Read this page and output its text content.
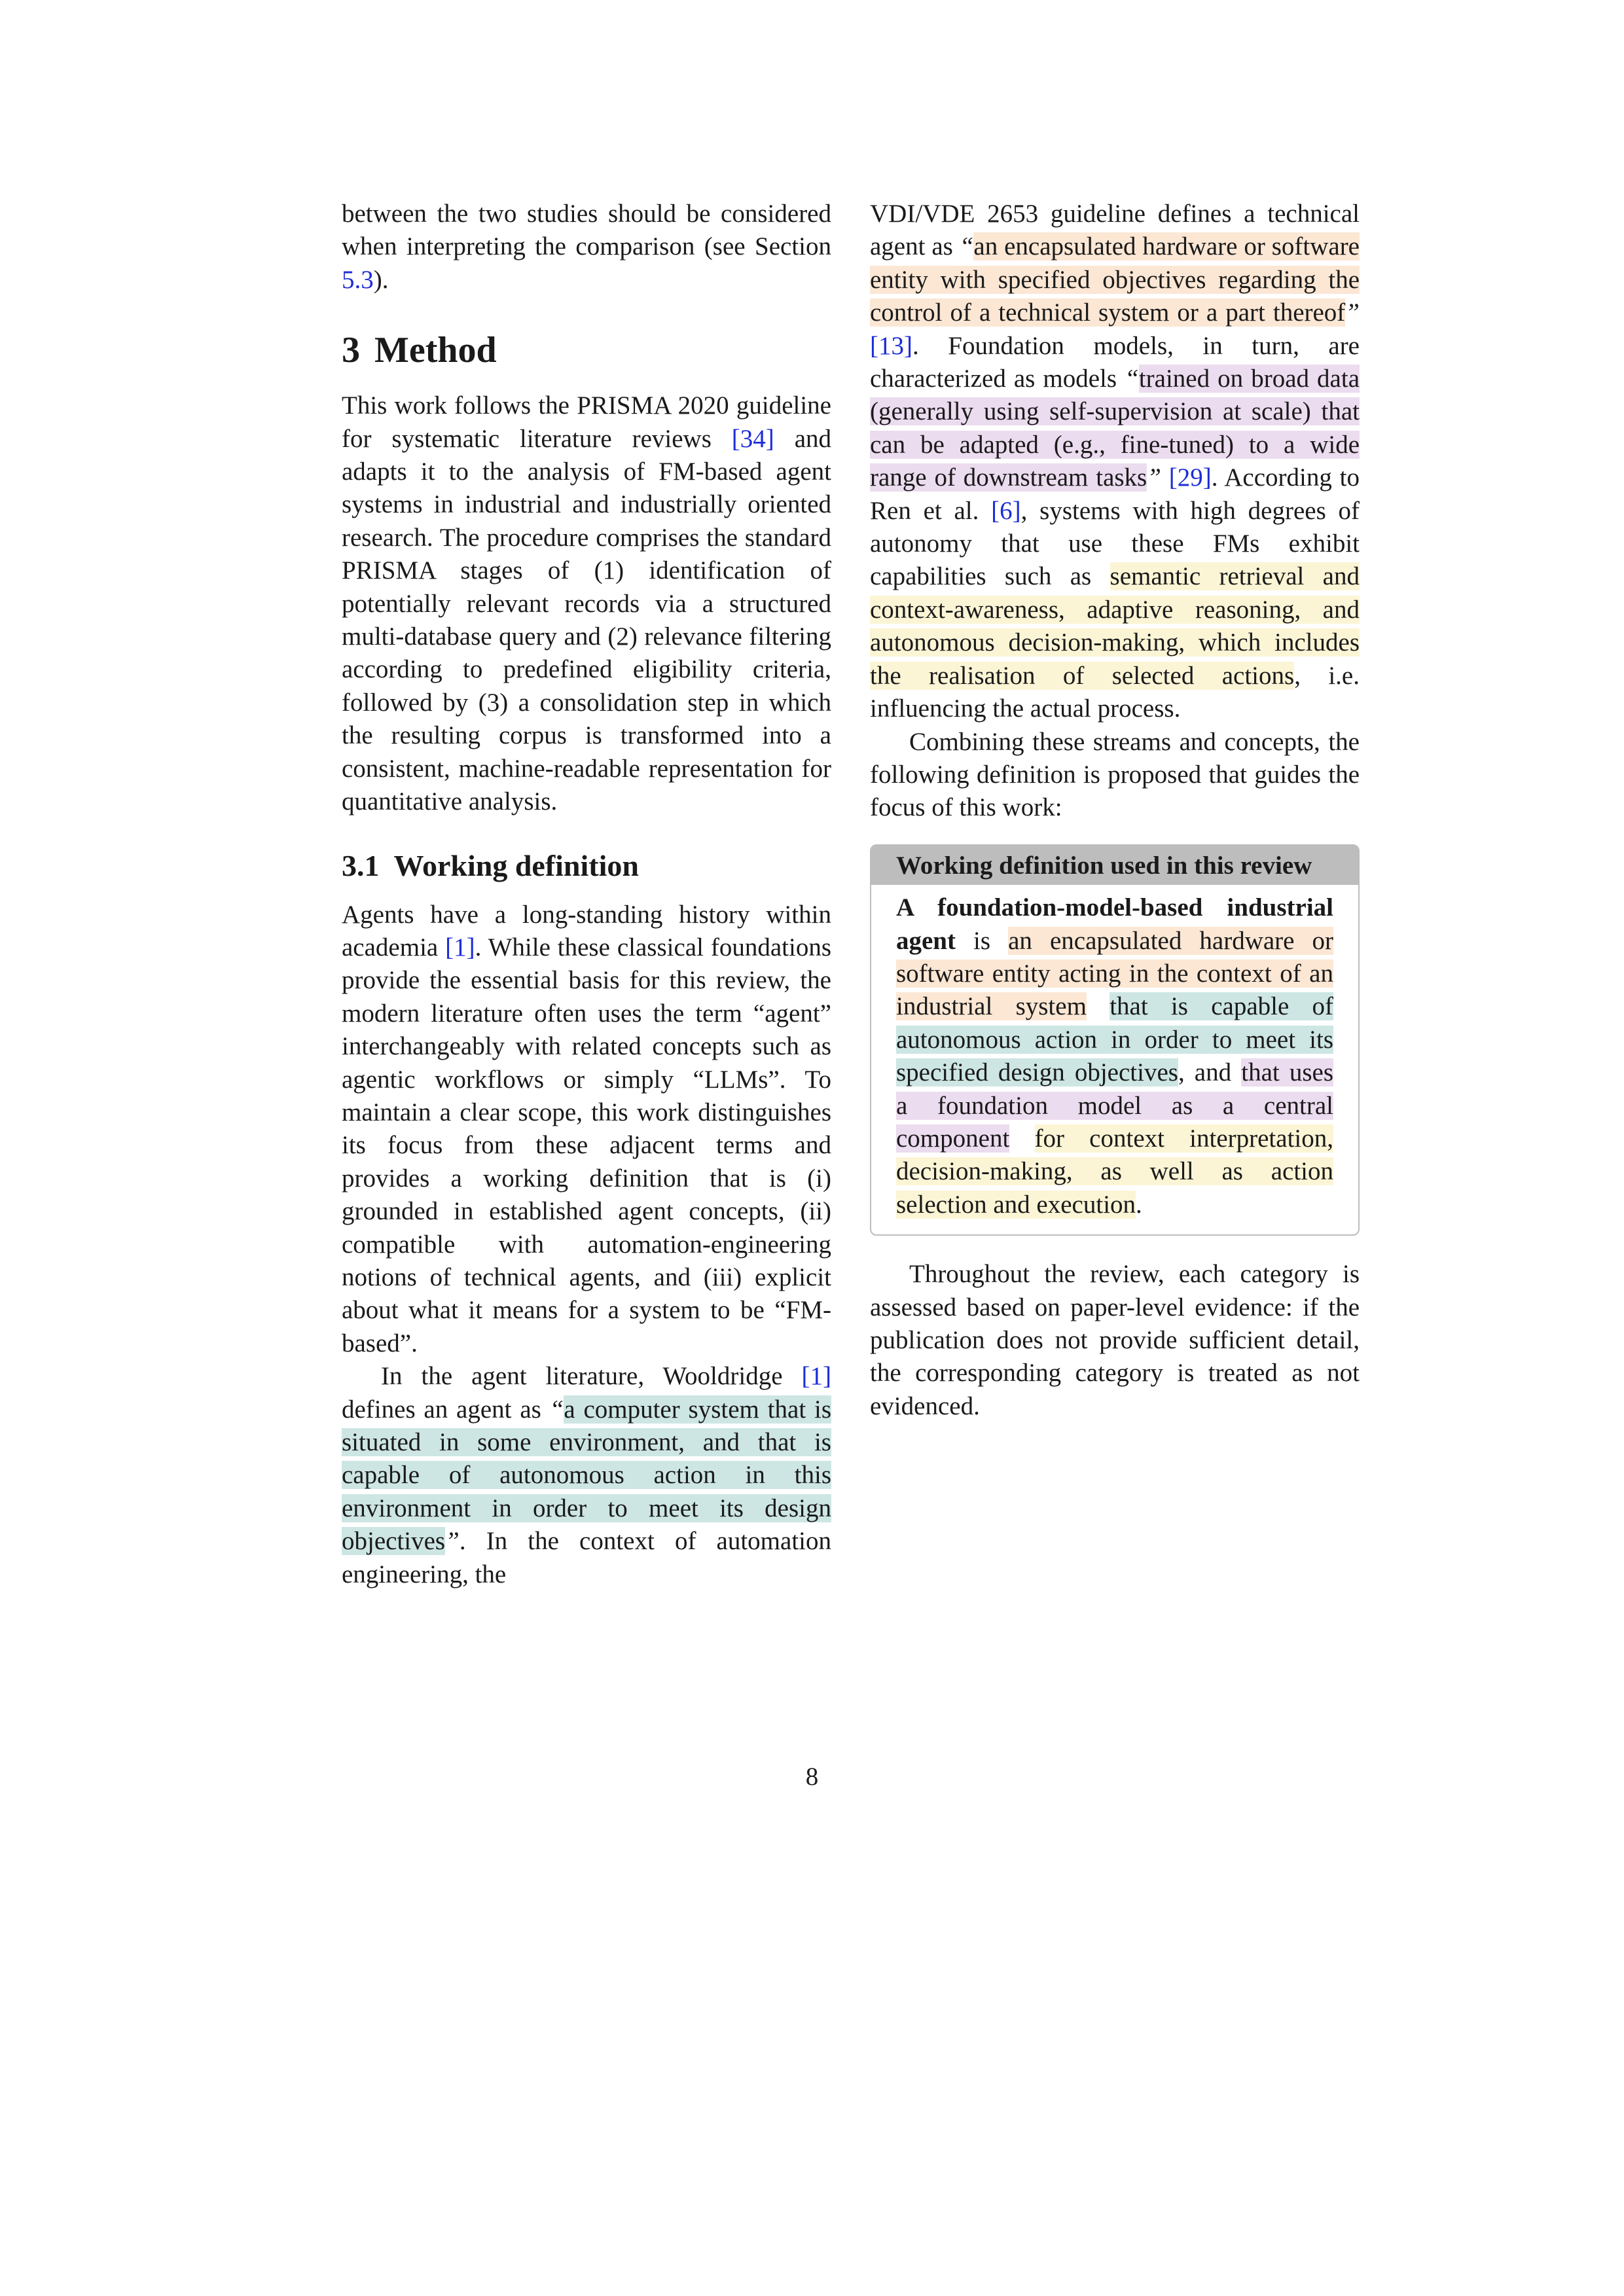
between the two studies should be considered when interpreting the comparison (see Section 5.3).

3 Method

This work follows the PRISMA 2020 guideline for systematic literature reviews [34] and adapts it to the analysis of FM-based agent systems in industrial and industrially oriented research. The procedure comprises the standard PRISMA stages of (1) identification of potentially relevant records via a structured multi-database query and (2) relevance filtering according to predefined eligibility criteria, followed by (3) a consolidation step in which the resulting corpus is transformed into a consistent, machine-readable representation for quantitative analysis.

3.1 Working definition

Agents have a long-standing history within academia [1]. While these classical foundations provide the essential basis for this review, the modern literature often uses the term “agent” interchangeably with related concepts such as agentic workflows or simply “LLMs”. To maintain a clear scope, this work distinguishes its focus from these adjacent terms and provides a working definition that is (i) grounded in established agent concepts, (ii) compatible with automation-engineering notions of technical agents, and (iii) explicit about what it means for a system to be “FM-based”.

In the agent literature, Wooldridge [1] defines an agent as “a computer system that is situated in some environment, and that is capable of autonomous action in this environment in order to meet its design objectives”. In the context of automation engineering, the

VDI/VDE 2653 guideline defines a technical agent as “an encapsulated hardware or software entity with specified objectives regarding the control of a technical system or a part thereof” [13]. Foundation models, in turn, are characterized as models “trained on broad data (generally using self-supervision at scale) that can be adapted (e.g., fine-tuned) to a wide range of downstream tasks” [29]. According to Ren et al. [6], systems with high degrees of autonomy that use these FMs exhibit capabilities such as semantic retrieval and context-awareness, adaptive reasoning, and autonomous decision-making, which includes the realisation of selected actions, i.e. influencing the actual process.

Combining these streams and concepts, the following definition is proposed that guides the focus of this work:

Working definition used in this review

A foundation-model-based industrial agent is an encapsulated hardware or software entity acting in the context of an industrial system that is capable of autonomous action in order to meet its specified design objectives, and that uses a foundation model as a central component for context interpretation, decision-making, as well as action selection and execution.

Throughout the review, each category is assessed based on paper-level evidence: if the publication does not provide sufficient detail, the corresponding category is treated as not evidenced.

8
